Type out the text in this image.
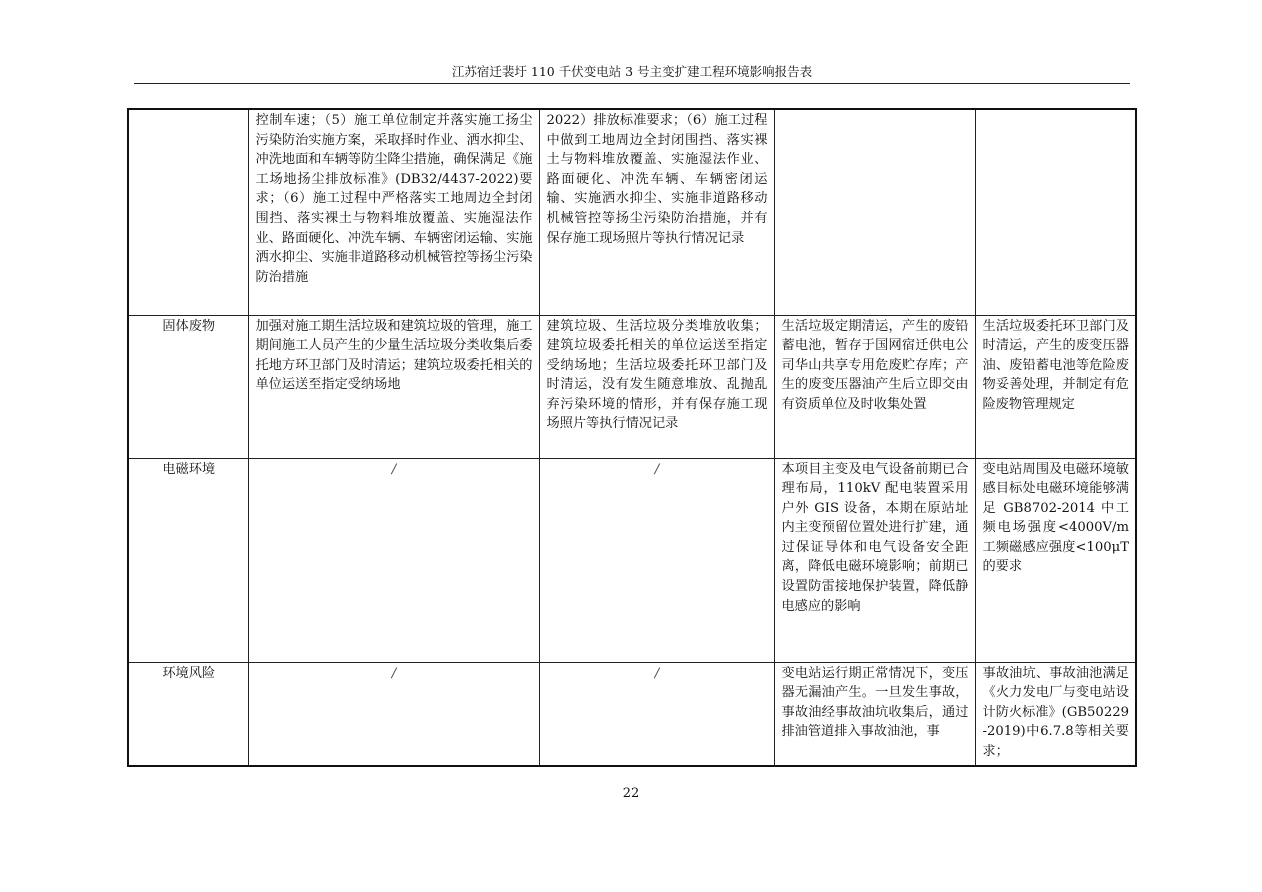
江苏宿迁裴圩 110 千伏变电站 3 号主变扩建工程环境影响报告表
	控制车速；（5）施工单位制定并落实施工扬尘污染防治实施方案，采取择时作业、洒水抑尘、冲洗地面和车辆等防尘降尘措施，确保满足《施工场地扬尘排放标准》(DB32/4437-2022)要求；（6）施工过程中严格落实工地周边全封闭围挡、落实裸土与物料堆放覆盖、实施湿法作业、路面硬化、冲洗车辆、车辆密闭运输、实施洒水抑尘、实施非道路移动机械管控等扬尘污染防治措施	2022）排放标准要求；（6）施工过程中做到工地周边全封闭围挡、落实裸土与物料堆放覆盖、实施湿法作业、路面硬化、冲洗车辆、车辆密闭运输、实施洒水抑尘、实施非道路移动机械管控等扬尘污染防治措施，并有保存施工现场照片等执行情况记录		
固体废物	加强对施工期生活垃圾和建筑垃圾的管理，施工期间施工人员产生的少量生活垃圾分类收集后委托地方环卫部门及时清运；建筑垃圾委托相关的单位运送至指定受纳场地	建筑垃圾、生活垃圾分类堆放收集；建筑垃圾委托相关的单位运送至指定受纳场地；生活垃圾委托环卫部门及时清运，没有发生随意堆放、乱抛乱弃污染环境的情形，并有保存施工现场照片等执行情况记录	生活垃圾定期清运，产生的废铅蓄电池，暂存于国网宿迁供电公司华山共享专用危废贮存库；产生的废变压器油产生后立即交由有资质单位及时收集处置	生活垃圾委托环卫部门及时清运，产生的废变压器油、废铅蓄电池等危险废物妥善处理，并制定有危险废物管理规定
电磁环境	/	/	本项目主变及电气设备前期已合理布局，110kV 配电装置采用户外 GIS 设备，本期在原站址内主变预留位置处进行扩建，通过保证导体和电气设备安全距离，降低电磁环境影响；前期已设置防雷接地保护装置，降低静电感应的影响	变电站周围及电磁环境敏感目标处电磁环境能够满足 GB8702-2014 中工频电场强度<4000V/m 工频磁感应强度<100μT 的要求
环境风险	/	/	变电站运行期正常情况下，变压器无漏油产生。一旦发生事故，事故油经事故油坑收集后，通过排油管道排入事故油池，事	事故油坑、事故油池满足《火力发电厂与变电站设计防火标准》(GB50229-2019)中6.7.8等相关要求；
22
